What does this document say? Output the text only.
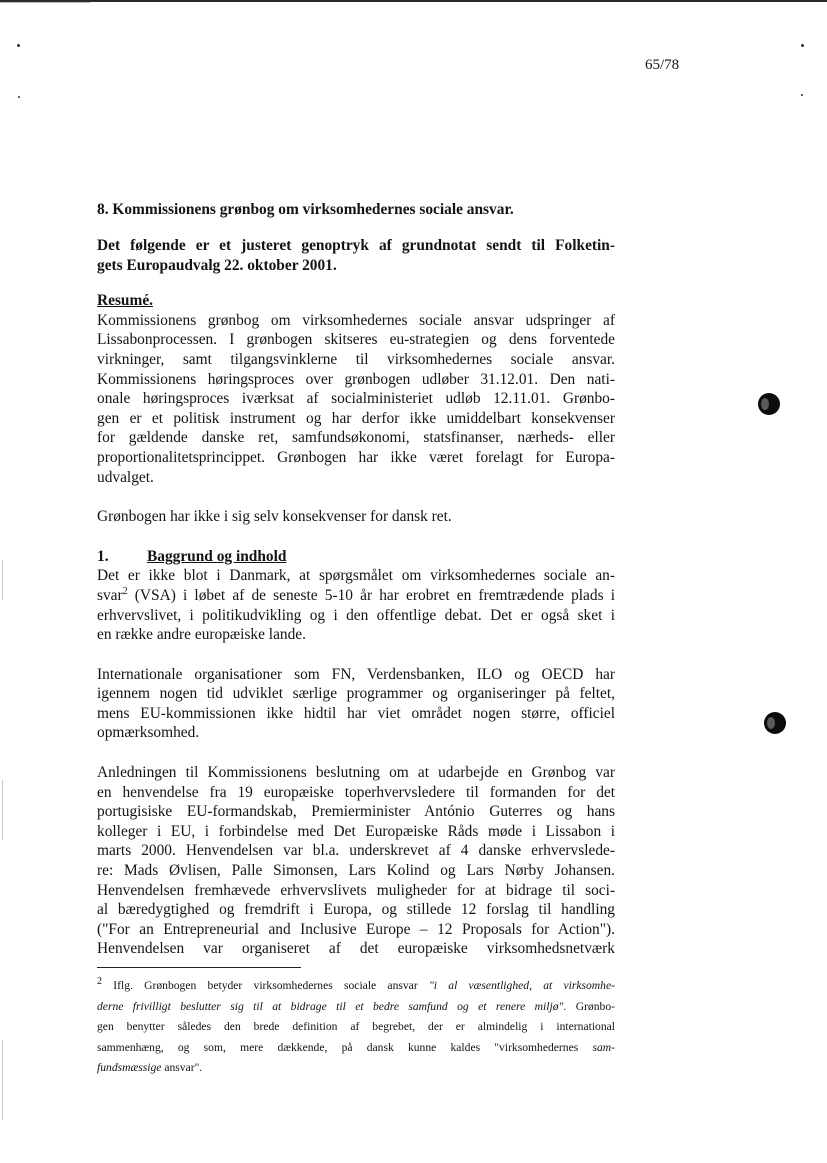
65/78
8. Kommissionens grønbog om virksomhedernes sociale ansvar.
Det følgende er et justeret genoptryk af grundnotat sendt til Folketin-
gets Europaudvalg 22. oktober 2001.
Resumé.
Kommissionens grønbog om virksomhedernes sociale ansvar udspringer af
Lissabonprocessen. I grønbogen skitseres eu-strategien og dens forventede
virkninger, samt tilgangsvinklerne til virksomhedernes sociale ansvar.
Kommissionens høringsproces over grønbogen udløber 31.12.01. Den nati-
onale høringsproces iværksat af socialministeriet udløb 12.11.01. Grønbo-
gen er et politisk instrument og har derfor ikke umiddelbart konsekvenser
for gældende danske ret, samfundsøkonomi, statsfinanser, nærheds- eller
proportionalitetsprincippet. Grønbogen har ikke været forelagt for Europa-
udvalget.
Grønbogen har ikke i sig selv konsekvenser for dansk ret.
1. Baggrund og indhold
Det er ikke blot i Danmark, at spørgsmålet om virksomhedernes sociale an-
svar$^2$ (VSA) i løbet af de seneste 5-10 år har erobret en fremtrædende plads i
erhvervslivet, i politikudvikling og i den offentlige debat. Det er også sket i
en række andre europæiske lande.
Internationale organisationer som FN, Verdensbanken, ILO og OECD har
igennem nogen tid udviklet særlige programmer og organiseringer på feltet,
mens EU-kommissionen ikke hidtil har viet området nogen større, officiel
opmærksomhed.
Anledningen til Kommissionens beslutning om at udarbejde en Grønbog var
en henvendelse fra 19 europæiske toperhvervsledere til formanden for det
portugisiske EU-formandskab, Premierminister António Guterres og hans
kolleger i EU, i forbindelse med Det Europæiske Råds møde i Lissabon i
marts 2000. Henvendelsen var bl.a. underskrevet af 4 danske erhvervslede-
re: Mads Øvlisen, Palle Simonsen, Lars Kolind og Lars Nørby Johansen.
Henvendelsen fremhævede erhvervslivets muligheder for at bidrage til soci-
al bæredygtighed og fremdrift i Europa, og stillede 12 forslag til handling
("For an Entrepreneurial and Inclusive Europe – 12 Proposals for Action").
Henvendelsen var organiseret af det europæiske virksomhedsnetværk
$^2$ Iflg. Grønbogen betyder virksomhedernes sociale ansvar "i al væsentlighed, at virksomhe-
derne frivilligt beslutter sig til at bidrage til et bedre samfund og et renere miljø". Grønbo-
gen benytter således den brede definition af begrebet, der er almindelig i international
sammenhæng, og som, mere dækkende, på dansk kunne kaldes "virksomhedernes sam-
fundsmæssige ansvar".
